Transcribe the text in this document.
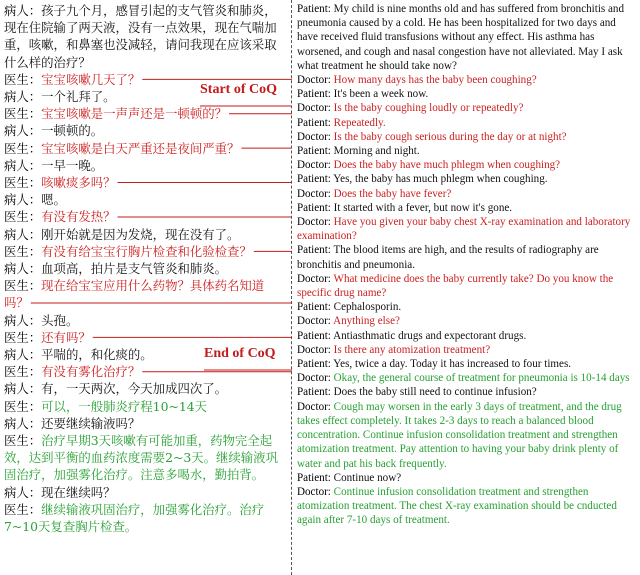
病人：孩子九个月，感冒引起的支气管炎和肺炎，现在住院输了两天液，没有一点效果，现在气喘加重，咳嗽，和鼻塞也没减轻，请问我现在应该采取什么样的治疗？
医生：宝宝咳嗽几天了？
病人：一个礼拜了。
医生：宝宝咳嗽是一声声还是一顿顿的？
病人：一顿顿的。
医生：宝宝咳嗽是白天严重还是夜间严重？
病人：一早一晚。
医生：咳嗽痰多吗？
病人：嗯。
医生：有没有发热？
病人：刚开始就是因为发烧，现在没有了。
医生：有没有给宝宝行胸片检查和化验检查？
病人：血项高，拍片是支气管炎和肺炎。
医生：现在给宝宝应用什么药物？具体药名知道吗？
病人：头孢。
医生：还有吗？
病人：平喘的，和化痰的。
医生：有没有雾化治疗？
病人：有，一天两次，今天加成四次了。
医生：可以，一般肺炎疗程10~14天
病人：还要继续输液吗？
医生：治疗早期3天咳嗽有可能加重，药物完全起效，达到平衡的血药浓度需要2~3天。继续输液巩固治疗，加强雾化治疗。注意多喝水，勤拍背。
病人：现在继续吗？
医生：继续输液巩固治疗，加强雾化治疗。治疗7~10天复查胸片检查。
Patient: My child is nine months old and has suffered from bronchitis and pneumonia caused by a cold. He has been hospitalized for two days and have received fluid transfusions without any effect. His asthma has worsened, and cough and nasal congestion have not alleviated. May I ask what treatment he should take now?
Doctor: How many days has the baby been coughing?
Patient: It's been a week now.
Doctor: Is the baby coughing loudly or repeatedly?
Patient: Repeatedly.
Doctor: Is the baby cough serious during the day or at night?
Patient: Morning and night.
Doctor: Does the baby have much phlegm when coughing?
Patient: Yes, the baby has much phlegm when coughing.
Doctor: Does the baby have fever?
Patient: It started with a fever, but now it's gone.
Doctor: Have you given your baby chest X-ray examination and laboratory examination?
Patient: The blood items are high, and the results of radiography are bronchitis and pneumonia.
Doctor: What medicine does the baby currently take? Do you know the specific drug name?
Patient: Cephalosporin.
Doctor: Anything else?
Patient: Antiasthmatic drugs and expectorant drugs.
Doctor: Is there any atomization treatment?
Patient: Yes, twice a day. Today it has increased to four times.
Doctor: Okay, the general course of treatment for pneumonia is 10-14 days
Patient: Does the baby still need to continue infusion?
Doctor: Cough may worsen in the early 3 days of treatment, and the drug takes effect completely. It takes 2-3 days to reach a balanced blood concentration. Continue infusion consolidation treatment and strengthen atomization treatment. Pay attention to having your baby drink plenty of water and pat his back frequently.
Patient: Continue now?
Doctor: Continue infusion consolidation treatment and strengthen atomization treatment. The chest X-ray examination should be cnducted again after 7-10 days of treatment.
Start of CoQ
End of CoQ
